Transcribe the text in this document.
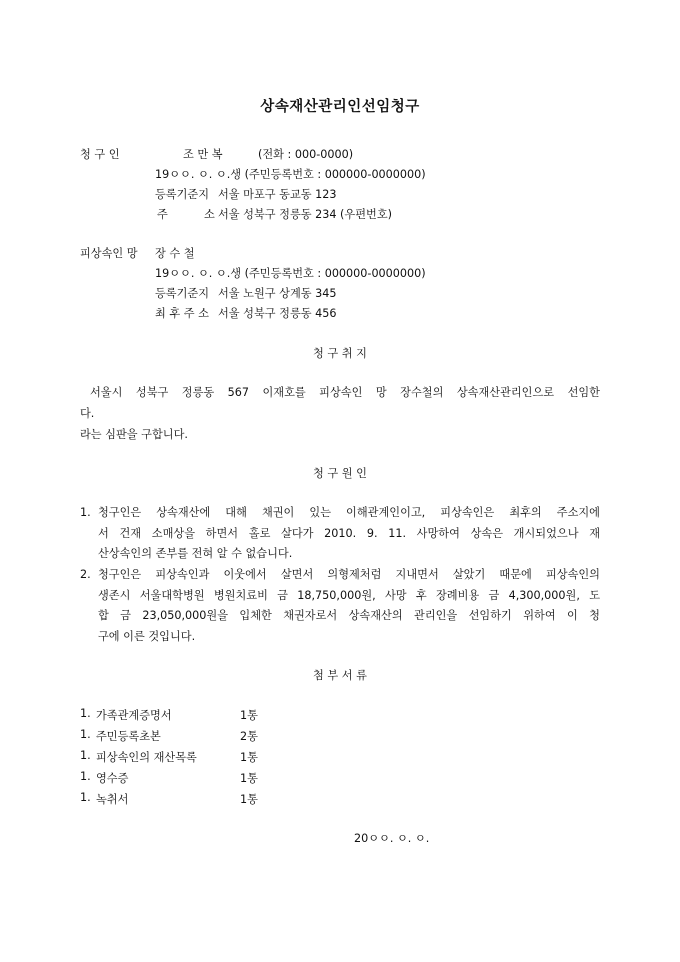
상속재산관리인선임청구
청 구 인	조 만 복	(전화 : 000-0000)
19ㅇㅇ. ㅇ. ㅇ.생 (주민등록번호 : 000000-0000000)
등록기준지 서울 마포구 동교동 123
주	소 서울 성북구 정릉동 234 (우편번호)
피상속인 망 장 수 철
19ㅇㅇ. ㅇ. ㅇ.생 (주민등록번호 : 000000-0000000)
등록기준지 서울 노원구 상계동 345
최 후 주 소 서울 성북구 정릉동 456
청 구 취 지
서울시 성북구 정릉동 567 이재호를 피상속인 망 장수철의 상속재산관리인으로 선임한
다.
라는 심판을 구합니다.
청 구 원 인
1. 청구인은 상속재산에 대해 채권이 있는 이해관계인이고, 피상속인은 최후의 주소지에
서 건재 소매상을 하면서 홀로 살다가 2010. 9. 11. 사망하여 상속은 개시되었으나 재
산상속인의 존부를 전혀 알 수 없습니다.
2. 청구인은 피상속인과 이웃에서 살면서 의형제처럼 지내면서 살았기 때문에 피상속인의
생존시 서울대학병원 병원치료비 금 18,750,000원, 사망 후 장례비용 금 4,300,000원, 도
합 금 23,050,000원을 입체한 채권자로서 상속재산의 관리인을 선임하기 위하여 이 청
구에 이른 것입니다.
첨 부 서 류
1. 가족관계증명서	1통
1. 주민등록초본	2통
1. 피상속인의 재산목록	1통
1. 영수증	1통
1. 녹취서	1통
20ㅇㅇ. ㅇ. ㅇ.
